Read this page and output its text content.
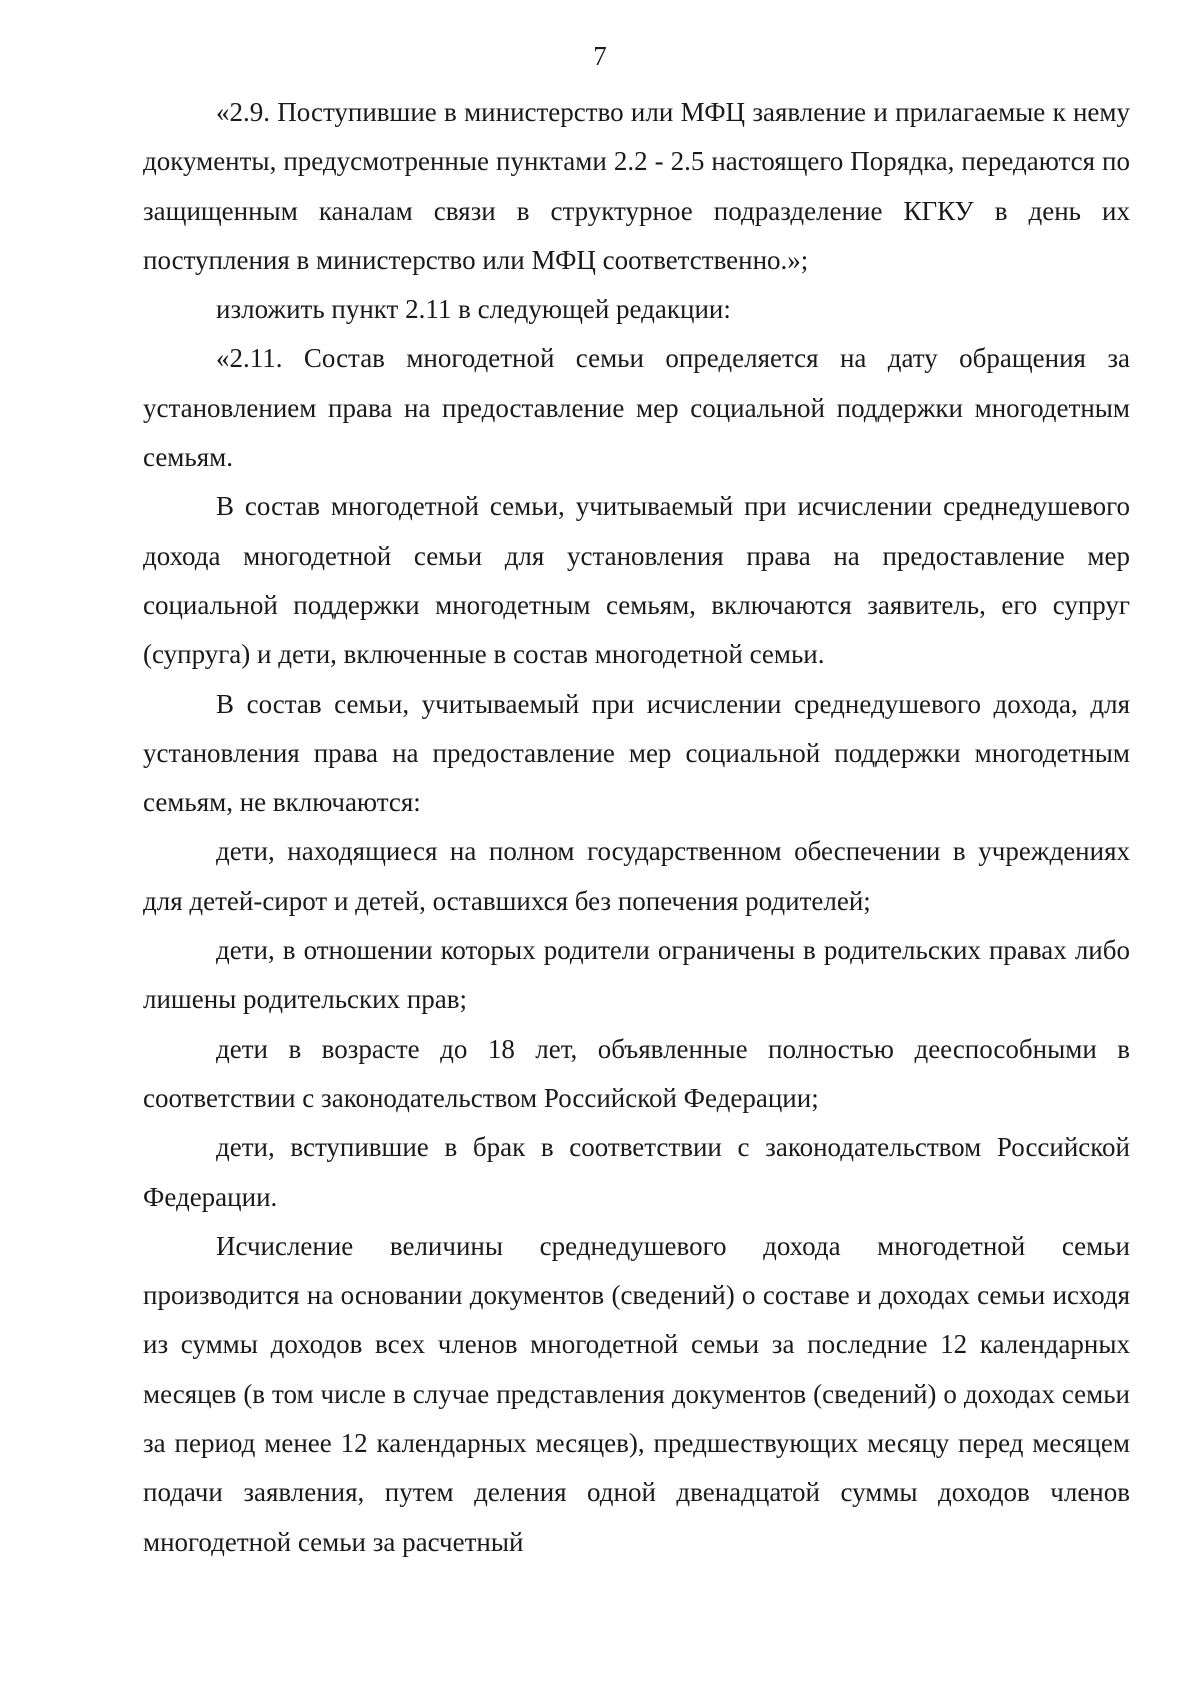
7

«2.9. Поступившие в министерство или МФЦ заявление и прилагаемые к нему документы, предусмотренные пунктами 2.2 - 2.5 настоящего Порядка, передаются по защищенным каналам связи в структурное подразделение КГКУ в день их поступления в министерство или МФЦ соответственно.»;

изложить пункт 2.11 в следующей редакции:

«2.11. Состав многодетной семьи определяется на дату обращения за установлением права на предоставление мер социальной поддержки многодетным семьям.

В состав многодетной семьи, учитываемый при исчислении среднедушевого дохода многодетной семьи для установления права на предоставление мер социальной поддержки многодетным семьям, включаются заявитель, его супруг (супруга) и дети, включенные в состав многодетной семьи.

В состав семьи, учитываемый при исчислении среднедушевого дохода, для установления права на предоставление мер социальной поддержки многодетным семьям, не включаются:

дети, находящиеся на полном государственном обеспечении в учреждениях для детей-сирот и детей, оставшихся без попечения родителей;

дети, в отношении которых родители ограничены в родительских правах либо лишены родительских прав;

дети в возрасте до 18 лет, объявленные полностью дееспособными в соответствии с законодательством Российской Федерации;

дети, вступившие в брак в соответствии с законодательством Российской Федерации.

Исчисление величины среднедушевого дохода многодетной семьи производится на основании документов (сведений) о составе и доходах семьи исходя из суммы доходов всех членов многодетной семьи за последние 12 календарных месяцев (в том числе в случае представления документов (сведений) о доходах семьи за период менее 12 календарных месяцев), предшествующих месяцу перед месяцем подачи заявления, путем деления одной двенадцатой суммы доходов членов многодетной семьи за расчетный
